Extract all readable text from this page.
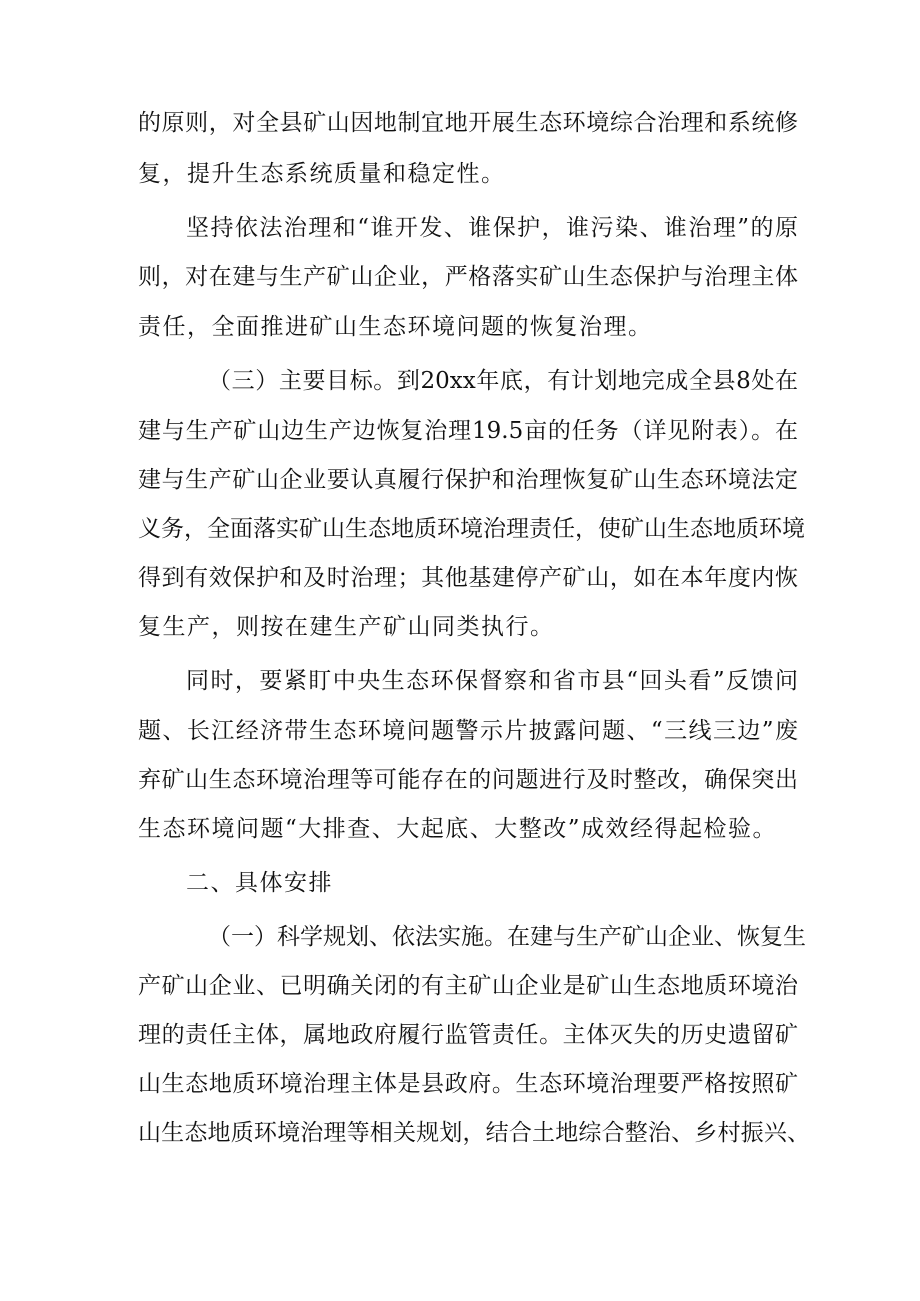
的原则，对全县矿山因地制宜地开展生态环境综合治理和系统修
复，提升生态系统质量和稳定性。
坚持依法治理和“谁开发、谁保护，谁污染、谁治理”的原
则，对在建与生产矿山企业，严格落实矿山生态保护与治理主体
责任，全面推进矿山生态环境问题的恢复治理。
（三）主要目标。到20xx年底，有计划地完成全县8处在
建与生产矿山边生产边恢复治理19.5亩的任务（详见附表）。在
建与生产矿山企业要认真履行保护和治理恢复矿山生态环境法定
义务，全面落实矿山生态地质环境治理责任，使矿山生态地质环境
得到有效保护和及时治理；其他基建停产矿山，如在本年度内恢
复生产，则按在建生产矿山同类执行。
同时，要紧盯中央生态环保督察和省市县“回头看”反馈问
题、长江经济带生态环境问题警示片披露问题、“三线三边”废
弃矿山生态环境治理等可能存在的问题进行及时整改，确保突出
生态环境问题“大排查、大起底、大整改”成效经得起检验。
二、具体安排
（一）科学规划、依法实施。在建与生产矿山企业、恢复生
产矿山企业、已明确关闭的有主矿山企业是矿山生态地质环境治
理的责任主体，属地政府履行监管责任。主体灭失的历史遗留矿
山生态地质环境治理主体是县政府。生态环境治理要严格按照矿
山生态地质环境治理等相关规划，结合土地综合整治、乡村振兴、
